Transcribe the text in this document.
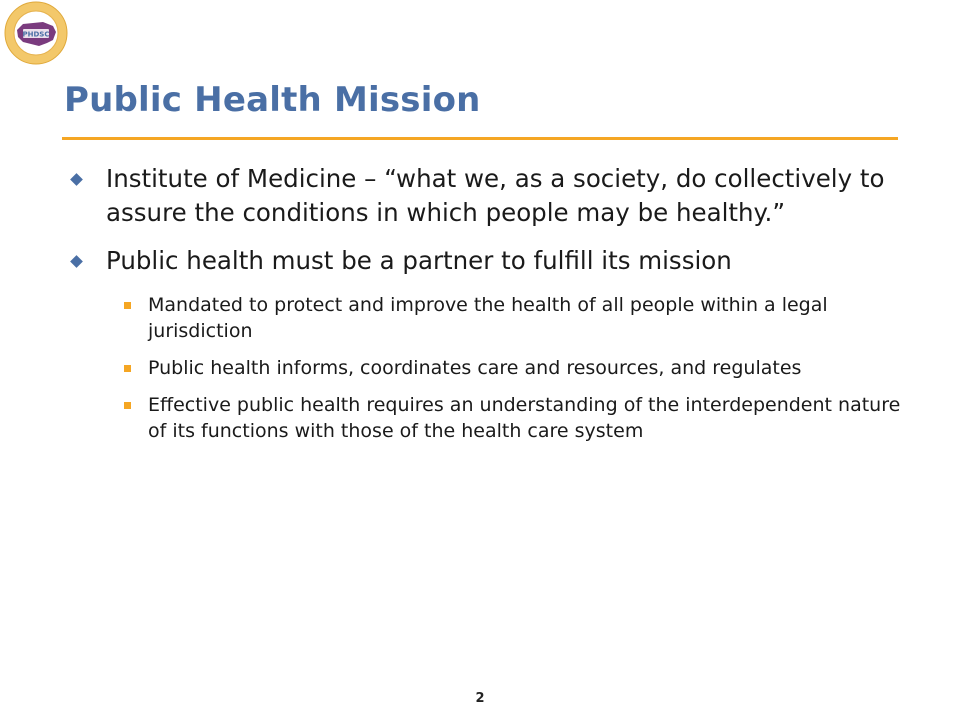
PHDSC
Public Health Mission
Institute of Medicine – “what we, as a society, do collectively to assure the conditions in which people may be healthy.”
Public health must be a partner to fulfill its mission
Mandated to protect and improve the health of all people within a legal jurisdiction
Public health informs, coordinates care and resources, and regulates
Effective public health requires an understanding of the interdependent nature of its functions with those of the health care system
2
